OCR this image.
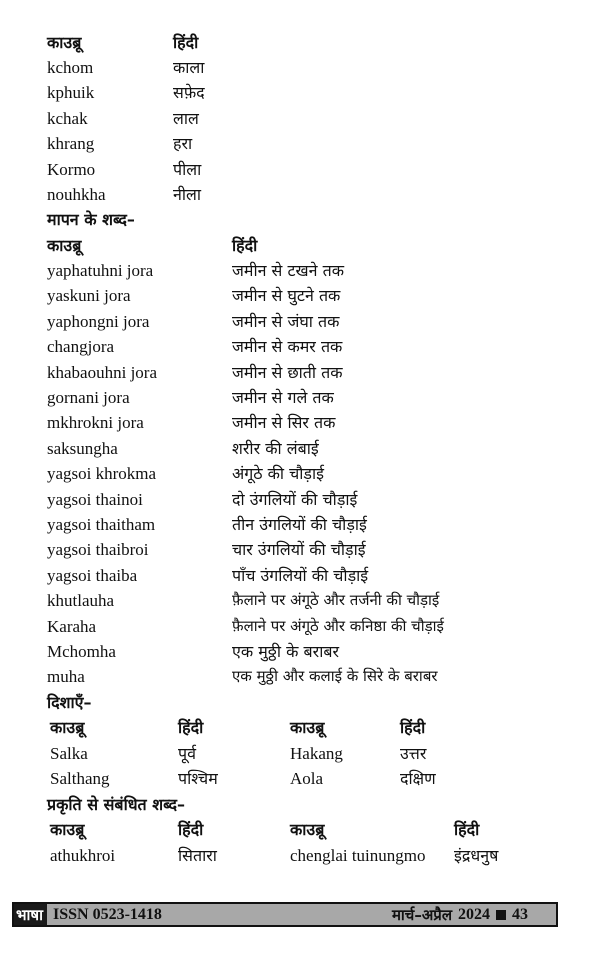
काउब्रू	हिंदी
kchom	काला
kphuik	सफ़ेद
kchak	लाल
khrang	हरा
Kormo	पीला
nouhkha	नीला
मापन के शब्द–
काउब्रू	हिंदी
yaphatuhni jora	जमीन से टखने तक
yaskuni jora	जमीन से घुटने तक
yaphongni jora	जमीन से जंघा तक
changjora	जमीन से कमर तक
khabaouhni jora	जमीन से छाती तक
gornani jora	जमीन से गले तक
mkhrokni jora	जमीन से सिर तक
saksungha	शरीर की लंबाई
yagsoi khrokma	अंगूठे की चौड़ाई
yagsoi thainoi	दो उंगलियों की चौड़ाई
yagsoi thaitham	तीन उंगलियों की चौड़ाई
yagsoi thaibroi	चार उंगलियों की चौड़ाई
yagsoi thaiba	पाँच उंगलियों की चौड़ाई
khutlauha	फ़ैलाने पर अंगूठे और तर्जनी की चौड़ाई
Karaha	फ़ैलाने पर अंगूठे और कनिष्ठा की चौड़ाई
Mchomha	एक मुठ्ठी के बराबर
muha	एक मुठ्ठी और कलाई के सिरे के बराबर
दिशाएँ–
काउब्रू	हिंदी	काउब्रू	हिंदी
Salka	पूर्व	Hakang	उत्तर
Salthang	पश्चिम	Aola	दक्षिण
प्रकृति से संबंधित शब्द–
काउब्रू	हिंदी	काउब्रू	हिंदी
athukhroi	सितारा	chenglai tuinungmo इंद्रधनुष
भाषा ISSN 0523-1418	मार्च–अप्रैल 2024 43
